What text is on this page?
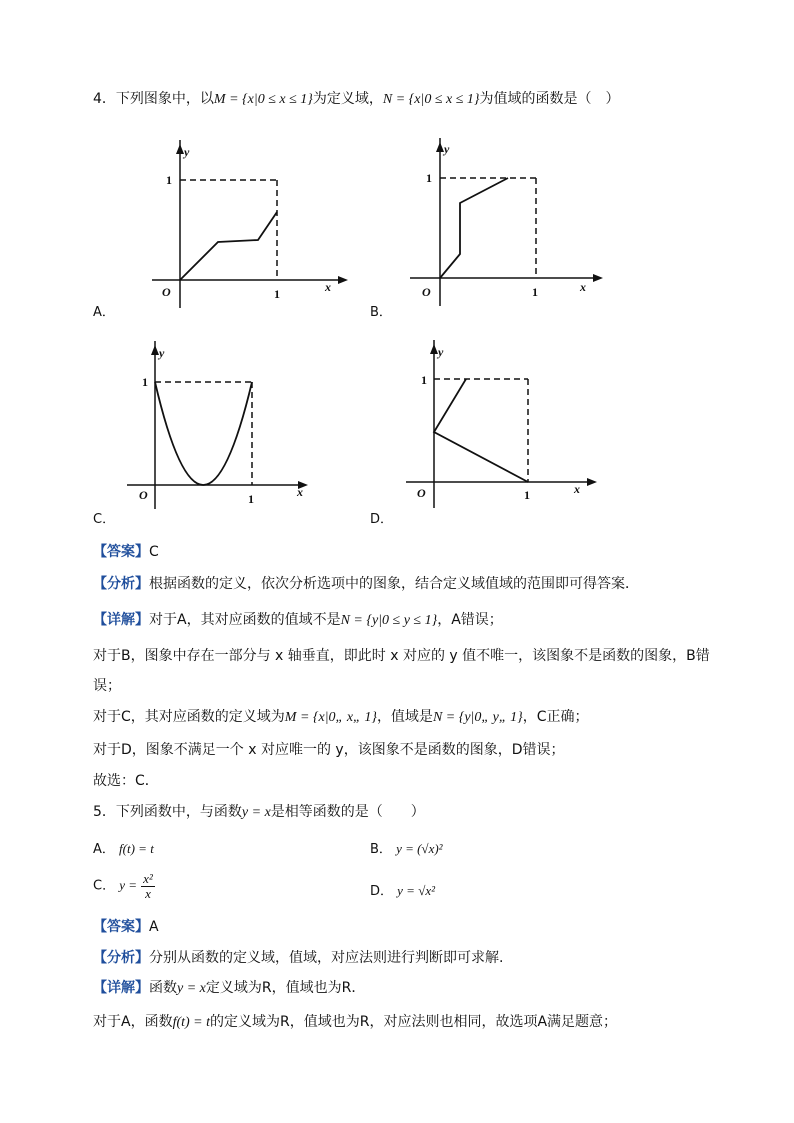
4．下列图象中，以M = {x|0 ≤ x ≤ 1}为定义域，N = {x|0 ≤ x ≤ 1}为值域的函数是（　）
y
1
O	1	x
A．
y
1
O	1	x
B．
y
1
O	1	x
C．
y
1
O	1	x
D．
【答案】C
【分析】根据函数的定义，依次分析选项中的图象，结合定义域值域的范围即可得答案．
【详解】对于A，其对应函数的值域不是N = {y|0 ≤ y ≤ 1}，A错误；
对于B，图象中存在一部分与 x 轴垂直，即此时 x 对应的 y 值不唯一，该图象不是函数的图象，B错
误；
对于C，其对应函数的定义域为M = {x|0„ x„ 1}，值域是N = {y|0„ y„ 1}，C正确；
对于D，图象不满足一个 x 对应唯一的 y，该图象不是函数的图象，D错误；
故选：C．
5．下列函数中，与函数y = x是相等函数的是（　　）
A． f(t) = t	B． y = (√x)²
C． $y = \frac{\text{x²}}{x}$	D． y = √x²
【答案】A
【分析】分别从函数的定义域，值域，对应法则进行判断即可求解.
【详解】函数y = x定义域为R，值域也为R．
对于A，函数f(t) = t的定义域为R，值域也为R，对应法则也相同，故选项A满足题意；
